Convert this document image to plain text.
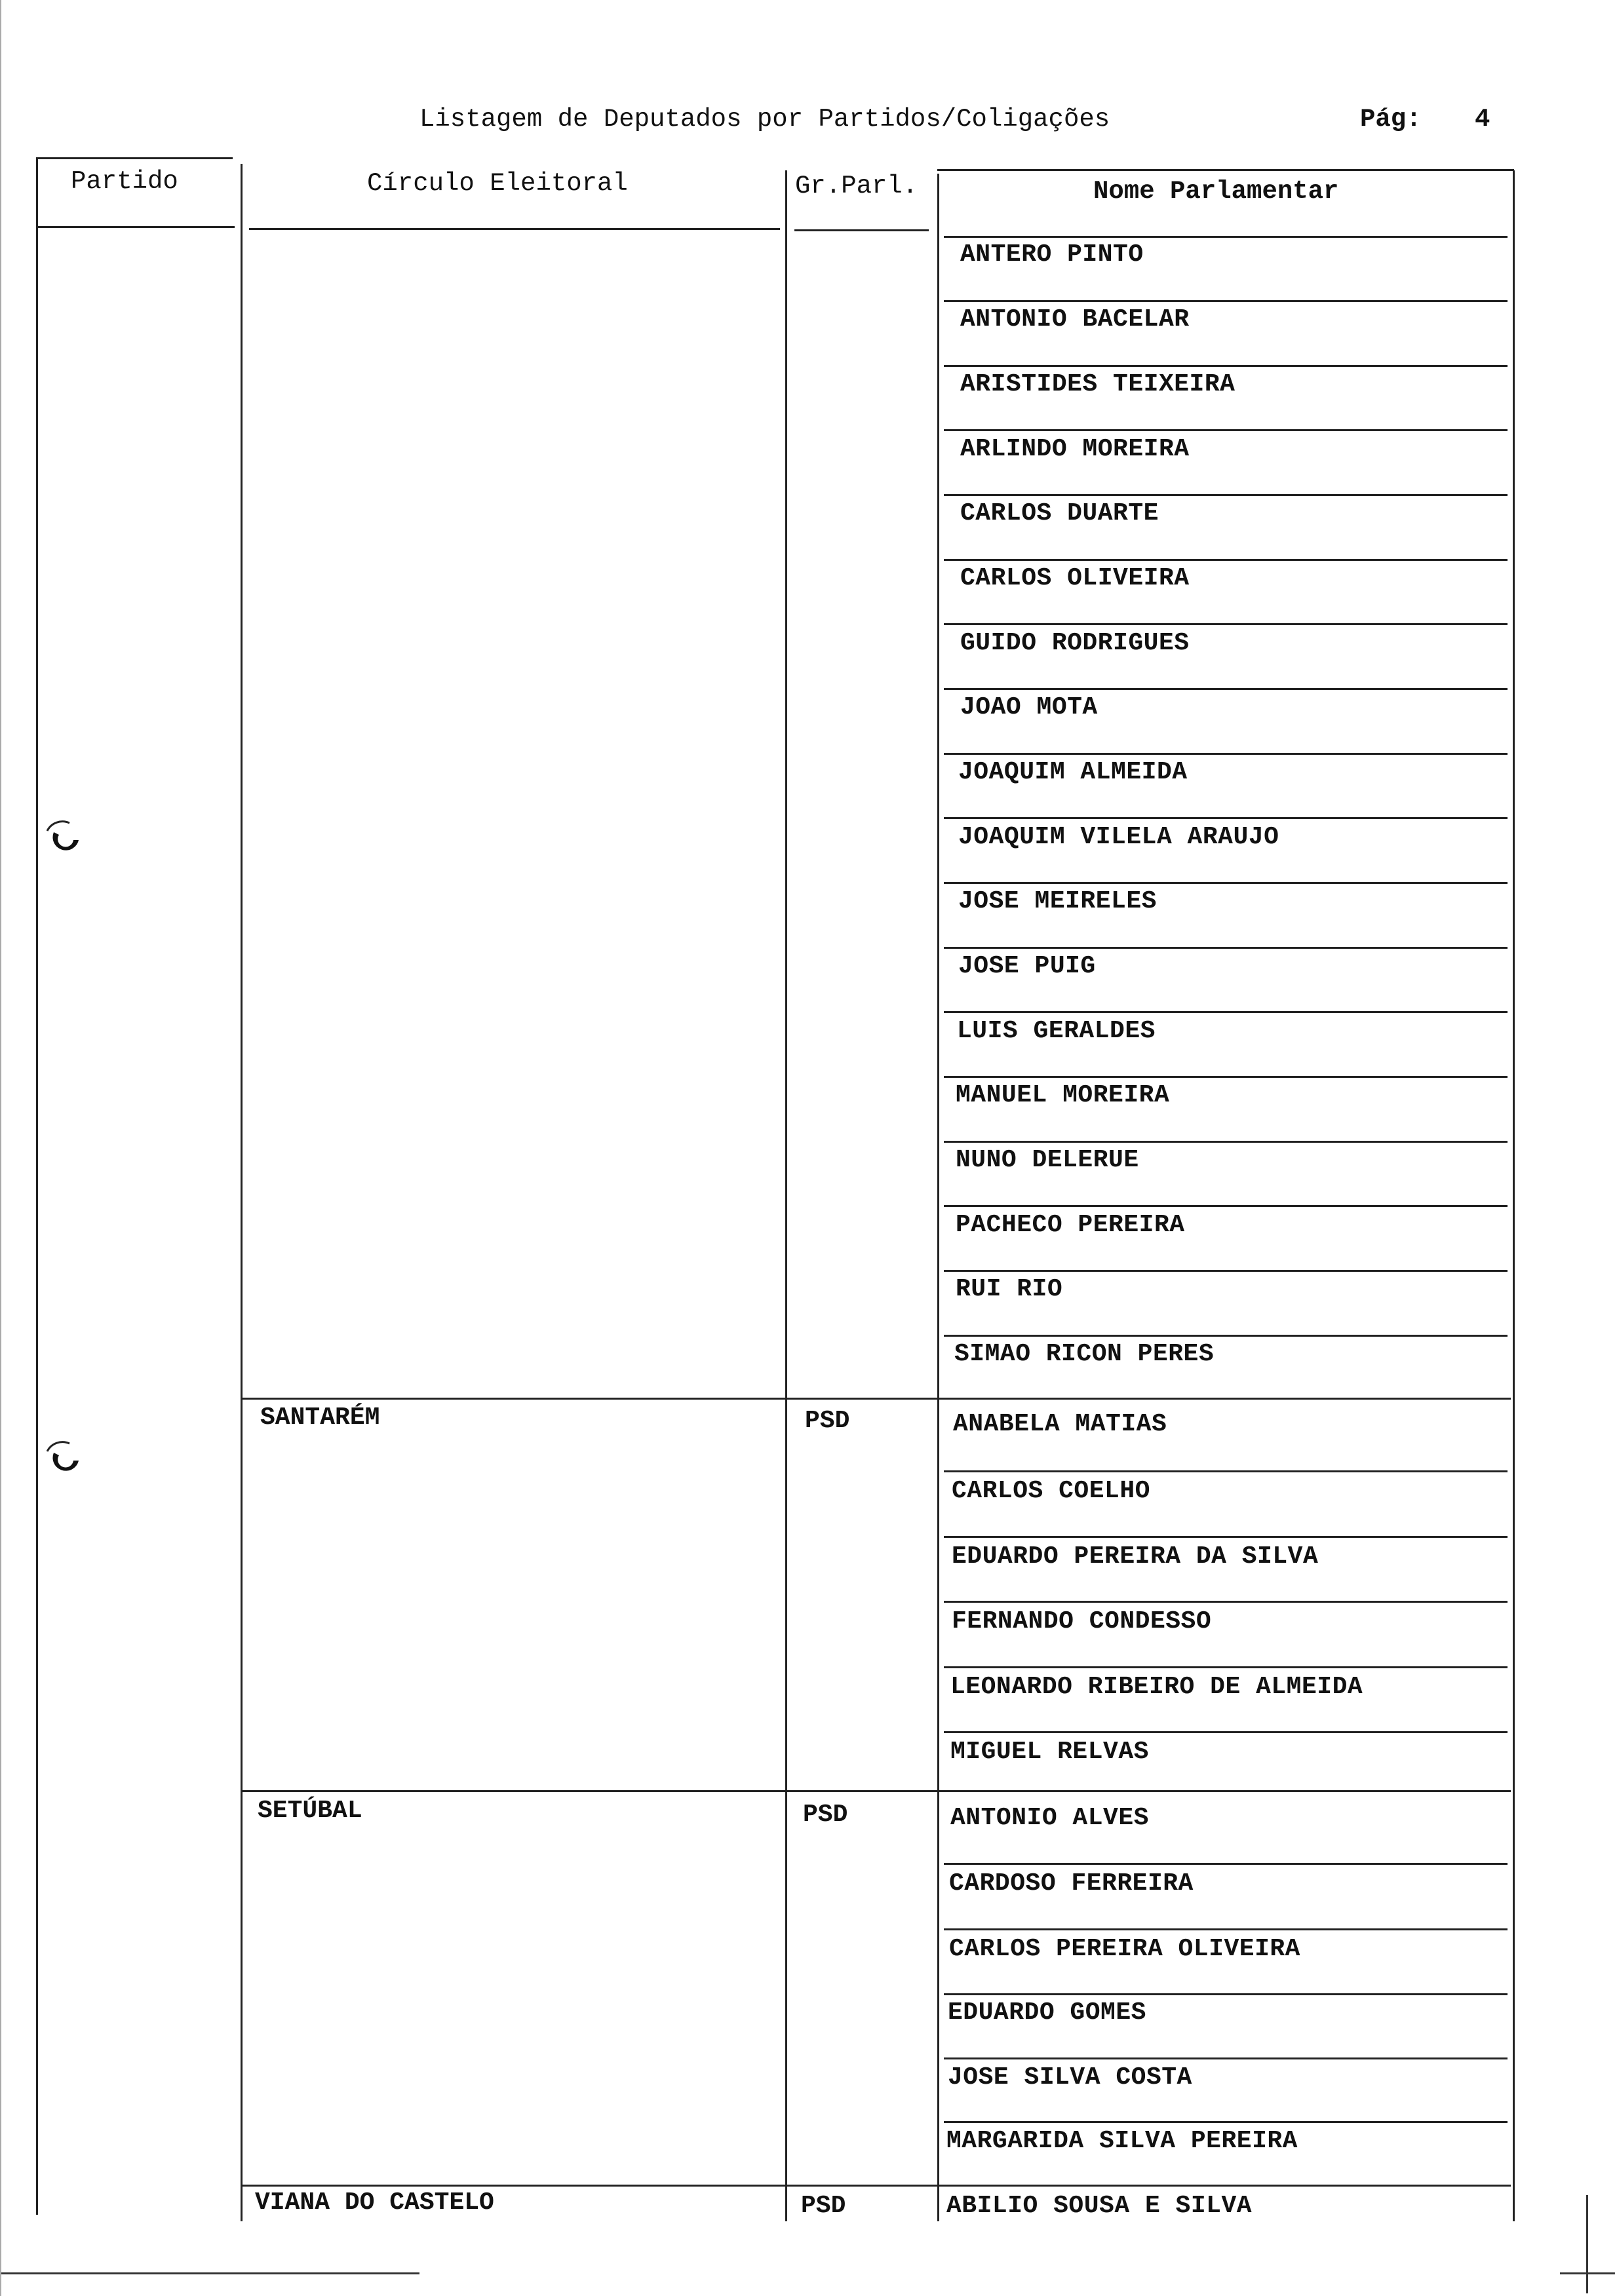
Listagem de Deputados por Partidos/Coligações	Pág: 4
Partido	Círculo Eleitoral	Gr.Parl.	Nome Parlamentar
ANTERO PINTO
ANTONIO BACELAR
ARISTIDES TEIXEIRA
ARLINDO MOREIRA
CARLOS DUARTE
CARLOS OLIVEIRA
GUIDO RODRIGUES
JOAO MOTA
JOAQUIM ALMEIDA
JOAQUIM VILELA ARAUJO
JOSE MEIRELES
JOSE PUIG
LUIS GERALDES
MANUEL MOREIRA
NUNO DELERUE
PACHECO PEREIRA
RUI RIO
SIMAO RICON PERES
SANTARÉM	PSD	ANABELA MATIAS
CARLOS COELHO
EDUARDO PEREIRA DA SILVA
FERNANDO CONDESSO
LEONARDO RIBEIRO DE ALMEIDA
MIGUEL RELVAS
SETÚBAL	PSD	ANTONIO ALVES
CARDOSO FERREIRA
CARLOS PEREIRA OLIVEIRA
EDUARDO GOMES
JOSE SILVA COSTA
MARGARIDA SILVA PEREIRA
VIANA DO CASTELO	PSD	ABILIO SOUSA E SILVA
